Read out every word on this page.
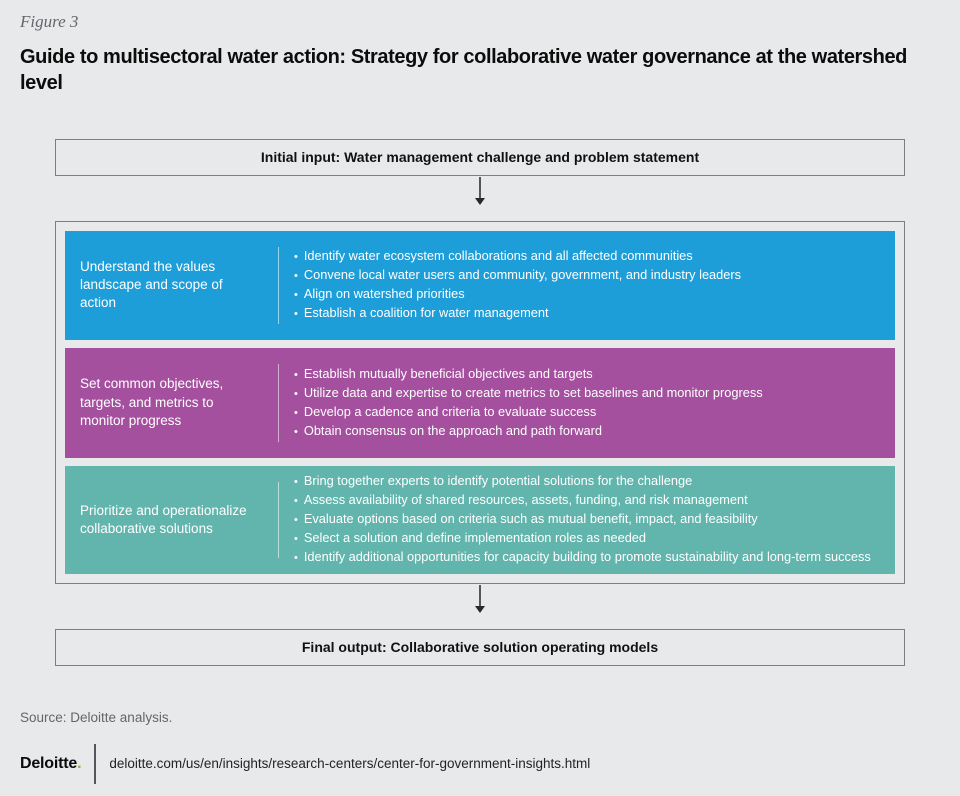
Figure 3
Guide to multisectoral water action: Strategy for collaborative water governance at the watershed level
Initial input: Water management challenge and problem statement
Understand the values landscape and scope of action
• Identify water ecosystem collaborations and all affected communities
• Convene local water users and community, government, and industry leaders
• Align on watershed priorities
• Establish a coalition for water management
Set common objectives, targets, and metrics to monitor progress
• Establish mutually beneficial objectives and targets
• Utilize data and expertise to create metrics to set baselines and monitor progress
• Develop a cadence and criteria to evaluate success
• Obtain consensus on the approach and path forward
Prioritize and operationalize collaborative solutions
• Bring together experts to identify potential solutions for the challenge
• Assess availability of shared resources, assets, funding, and risk management
• Evaluate options based on criteria such as mutual benefit, impact, and feasibility
• Select a solution and define implementation roles as needed
• Identify additional opportunities for capacity building to promote sustainability and long-term success
Final output: Collaborative solution operating models
Source: Deloitte analysis.
Deloitte. deloitte.com/us/en/insights/research-centers/center-for-government-insights.html
